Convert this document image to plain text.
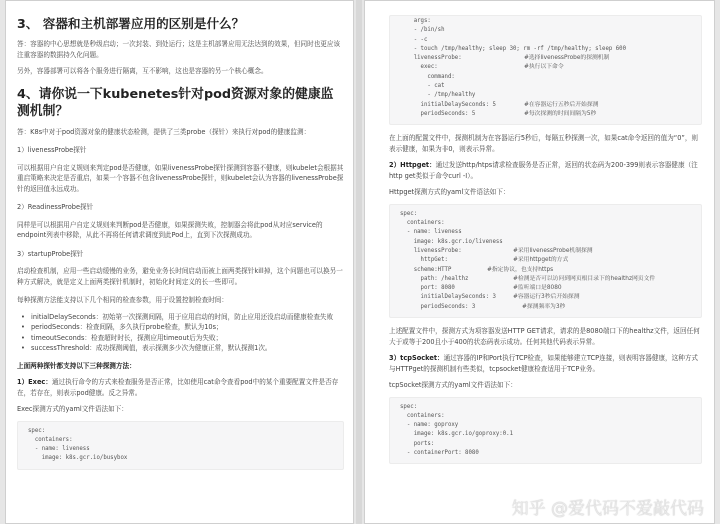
3、 容器和主机部署应用的区别是什么？

答：容器的中心思想就是秒级启动；一次封装、到处运行；这是主机部署应用无法达到的效果，但同时也更应该注重容器的数据持久化问题。

另外，容器部署可以将各个服务进行隔离，互不影响，这也是容器的另一个核心概念。

4、请你说一下kubenetes针对pod资源对象的健康监测机制？

答：K8s中对于pod资源对象的健康状态检测，提供了三类probe（探针）来执行对pod的健康监测：

1）livenessProbe探针

可以根据用户自定义规则来判定pod是否健康，如果livenessProbe探针探测到容器不健康，则kubelet会根据其重启策略来决定是否重启，如果一个容器不包含livenessProbe探针，则kubelet会认为容器的livenessProbe探针的返回值永远成功。

2）ReadinessProbe探针

同样是可以根据用户自定义规则来判断pod是否健康，如果探测失败，控制器会将此pod从对应service的endpoint列表中移除，从此不再将任何请求调度到此Pod上，直到下次探测成功。

3）startupProbe探针

启动检查机制，应用一些启动缓慢的业务，避免业务长时间启动而被上面两类探针kill掉，这个问题也可以换另一种方式解决，就是定义上面两类探针机制时，初始化时间定义的长一些即可。

每种探测方法能支持以下几个相同的检查参数，用于设置控制检查时间：

• initialDelaySeconds：初始第一次探测间隔，用于应用启动的时间，防止应用还没启动而健康检查失败
• periodSeconds：检查间隔，多久执行probe检查，默认为10s；
• timeoutSeconds：检查超时时长，探测应用timeout后为失败；
• successThreshold：成功探测阈值，表示探测多少次为健康正常，默认探测1次。

上面两种探针都支持以下三种探测方法：

1）Exec：通过执行命令的方式来检查服务是否正常，比如使用cat命令查看pod中的某个重要配置文件是否存在，若存在，则表示pod健康。反之异常。

Exec探测方式的yaml文件语法如下：

spec:
containers:
- name: liveness
image: k8s.gcr.io/busybox
args:
- /bin/sh
- -c
- touch /tmp/healthy; sleep 30; rm -rf /tmp/healthy; sleep 600
livenessProbe:	#选择livenessProbe的探测机制
exec:	#执行以下命令
command:
- cat
- /tmp/healthy
initialDelaySeconds: 5	#在容器运行五秒后开始探测
periodSeconds: 5	#每次探测的时间间隔为5秒

在上面的配置文件中，探测机制为在容器运行5秒后，每隔五秒探测一次，如果cat命令返回的值为“0”，则表示健康，如果为非0，则表示异常。

2）Httpget：通过发送http/htps请求检查服务是否正常，返回的状态码为200-399则表示容器健康（注http get类似于命令curl -I）。

Httpget探测方式的yaml文件语法如下：

spec:
containers:
- name: liveness
image: k8s.gcr.io/liveness
livenessProbe:	#采用livenessProbe机制探测
httpGet:	#采用httpget的方式
scheme:HTTP	#指定协议，也支持https
path: /healthz	#检测是否可以访问到网页根目录下的healthz网页文件
port: 8080	#监听端口是8080
initialDelaySeconds: 3	#容器运行3秒后开始探测
periodSeconds: 3	#探测频率为3秒

上述配置文件中，探测方式为项容器发送HTTP GET请求，请求的是8080端口下的healthz文件，返回任何大于或等于200且小于400的状态码表示成功。任何其他代码表示异常。

3）tcpSocket：通过容器的IP和Port执行TCP检查，如果能够建立TCP连接，则表明容器健康，这种方式与HTTPget的探测机制有些类似，tcpsocket健康检查适用于TCP业务。

tcpSocket探测方式的yaml文件语法如下：

spec:
containers:
- name: goproxy
image: k8s.gcr.io/goproxy:0.1
ports:
- containerPort: 8080
知乎 @爱代码不爱敲代码
